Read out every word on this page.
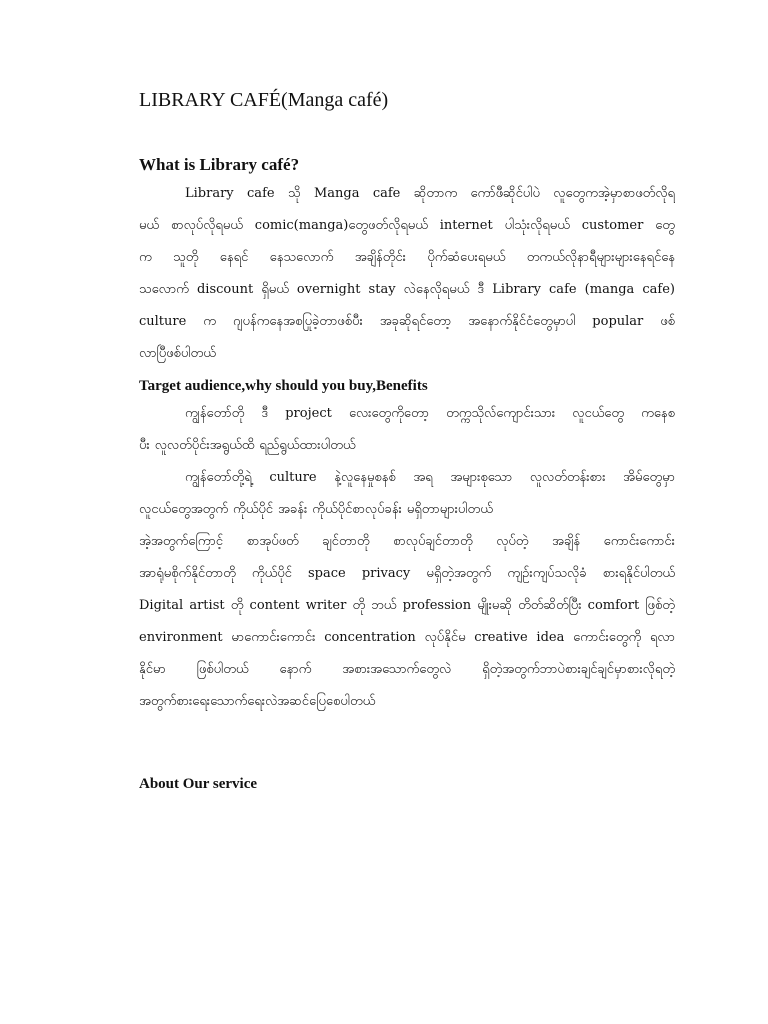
LIBRARY CAFÉ(Manga café)
What is Library café?
Library cafe သို Manga cafe ဆိုတာက ကော်ဖီဆိုင်ပါပဲ လူတွေကအဲ့မှာစာဖတ်လိုရ
မယ် စာလုပ်လိုရမယ် comic(manga)တွေဖတ်လိုရမယ် internet ပါသုံးလိုရမယ် customer တွေ
က သူတို နေရင် နေသလောက် အချိန်တိုင်း ပိုက်ဆံပေးရမယ် တကယ်လိုနာရီများများနေရင်နေ
သလောက် discount ရှိမယ် overnight stay လဲနေလိုရမယ် ဒီ Library cafe (manga cafe)
culture က ဂျပန်ကနေအစပြုခဲ့တာဖစ်ပီး အခုဆိုရင်တော့ အနောက်နိုင်ငံတွေမှာပါ popular ဖစ်
လာပြီဖစ်ပါတယ်
Target audience,why should you buy,Benefits
ကျွန်တော်တို ဒီ project လေးတွေကိုတော့ တက္ကသိုလ်ကျောင်းသား လူငယ်တွေ ကနေစ
ပီး လူလတ်ပိုင်းအရွယ်ထိ ရည်ရွယ်ထားပါတယ်
ကျွန်တော်တို့ရဲ့ culture နဲ့လူနေမှုစနစ် အရ အများစုသော လူလတ်တန်းစား အိမ်တွေမှာ
လူငယ်တွေအတွက် ကိုယ်ပိုင် အခန်း ကိုယ်ပိုင်စာလုပ်ခန်း မရှိတာများပါတယ်
အဲ့အတွက်ကြောင့် စာအုပ်ဖတ် ချင်တာတို စာလုပ်ချင်တာတို လုပ်တဲ့ အချိန် ကောင်းကောင်း
အာရုံမစိုက်နိုင်တာတို ကိုယ်ပိုင် space privacy မရှိတဲ့အတွက် ကျဉ်းကျပ်သလိုခံ စားရနိုင်ပါတယ်
Digital artist တို content writer တို ဘယ် profession မျိုးမဆို တိတ်ဆိတ်ပြီး comfort ဖြစ်တဲ့
environment မာကောင်းကောင်း concentration လုပ်နိုင်မ creative idea ကောင်းတွေကို ရလာ
နိုင်မာ ဖြစ်ပါတယ် နောက် အစားအသောက်တွေလဲ ရှိတဲ့အတွက်ဘာပဲစားချင်ချင်မှာစားလိုရတဲ့
အတွက်စားရေးသောက်ရေးလဲအဆင်ပြေစေပါတယ်
About Our service
